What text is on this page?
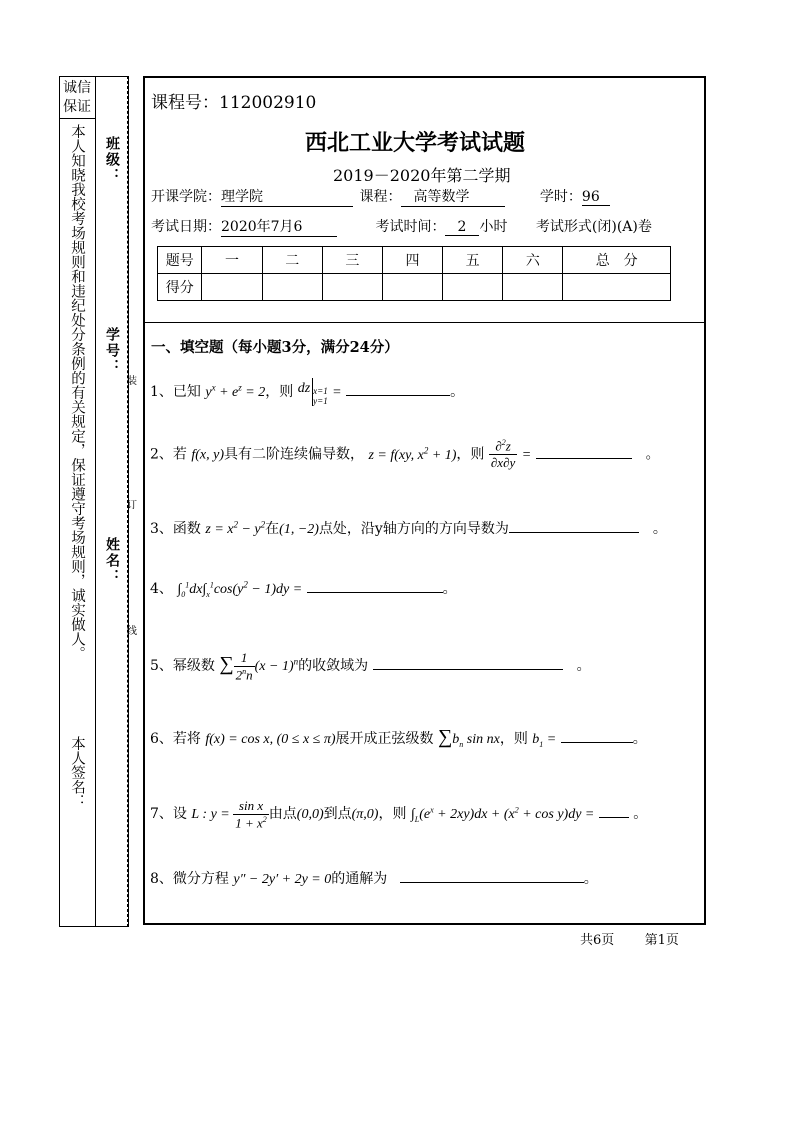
诚信保证
本人知晓我校考场规则和违纪处分条例的有关规定，保证遵守考场规则，诚实做人。
本人签名：
班级：
学号：
姓名：
装
订
线
课程号：112002910
西北工业大学考试试题
2019－2020年第二学期
开课学院：理学院	课程： 高等数学	学时：96
考试日期：2020年7月6	考试时间： 2 小时 考试形式(闭)(A)卷
题号	一	二	三	四	五	六	总　分
得分							
一、填空题（每小题3分，满分24分）
1、已知 $y^x + e^z = 2$，则 dz x=1
y=1 =	。
2、若 f(x, y)具有二阶连续偏导数， z = f(xy, $x^2 + 1$)，则 $\frac{\partial^2z}{\partial x\partial y}$ =	　。
3、函数 $z = x^2 - y^2$在(1, −2)点处，沿y轴方向的方向导数为	　。
4、 $\int_0^1dx\int_x^1\cos(y^2 - 1)dy$ =	。
5、幂级数 ∑ $\frac{1}{2^nn} (x - 1)^n$的收敛域为	　。
6、若将 f(x) = cos x, (0 ≤ x ≤ π)展开成正弦级数 $\sum b_n$ sin nx，则 $b_1$ =	。
7、设 L : $y = \frac{\text{sin x}}{1 + x^2}$ 由点(0,0)到点(π,0)，则 $\int_L(e^x + 2xy)dx + (x^2 + \cos y)dy$ =  。
8、微分方程 y″ − 2y′ + 2y = 0的通解为	。
共6页 第1页
